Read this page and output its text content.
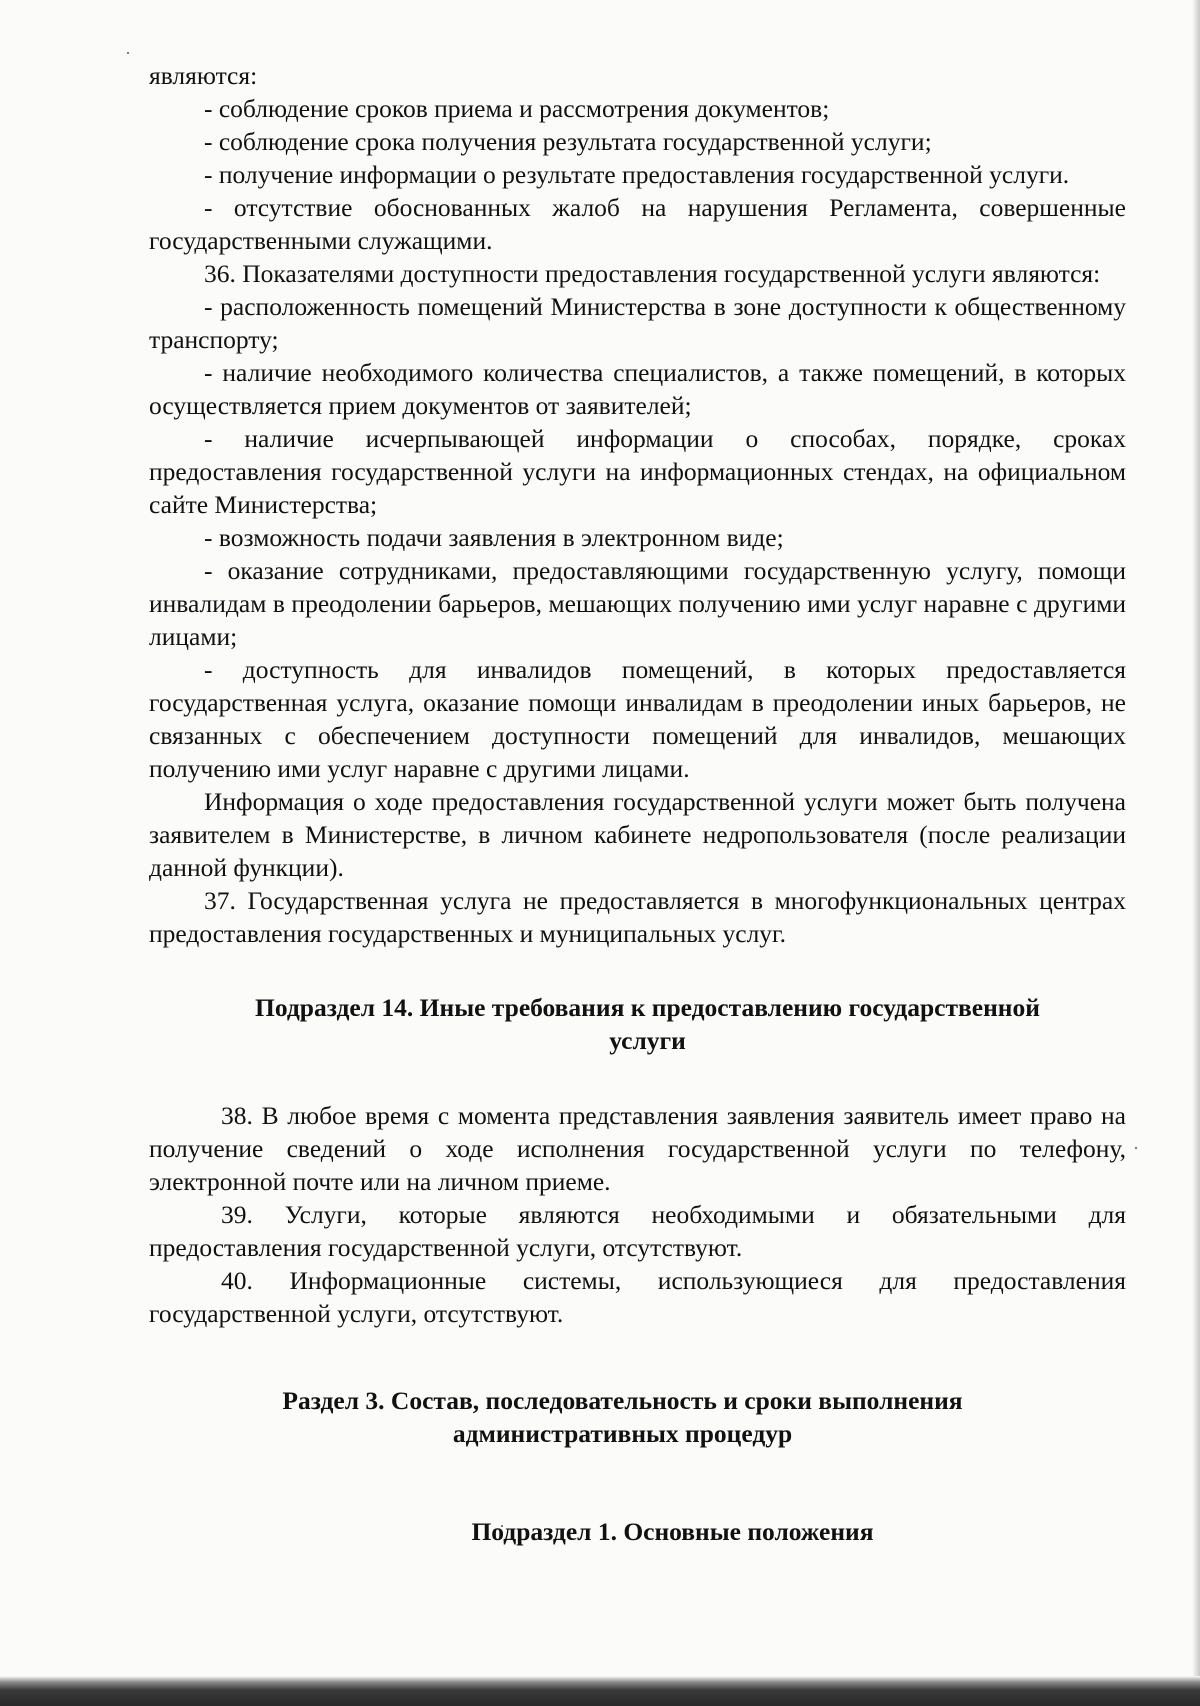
являются:

- соблюдение сроков приема и рассмотрения документов;

- соблюдение срока получения результата государственной услуги;

- получение информации о результате предоставления государственной услуги.

- отсутствие обоснованных жалоб на нарушения Регламента, совершенные государственными служащими.

36. Показателями доступности предоставления государственной услуги являются:

- расположенность помещений Министерства в зоне доступности к общественному транспорту;

- наличие необходимого количества специалистов, а также помещений, в которых осуществляется прием документов от заявителей;

- наличие исчерпывающей информации о способах, порядке, сроках предоставления государственной услуги на информационных стендах, на официальном сайте Министерства;

- возможность подачи заявления в электронном виде;

- оказание сотрудниками, предоставляющими государственную услугу, помощи инвалидам в преодолении барьеров, мешающих получению ими услуг наравне с другими лицами;

- доступность для инвалидов помещений, в которых предоставляется государственная услуга, оказание помощи инвалидам в преодолении иных барьеров, не связанных с обеспечением доступности помещений для инвалидов, мешающих получению ими услуг наравне с другими лицами.

Информация о ходе предоставления государственной услуги может быть получена заявителем в Министерстве, в личном кабинете недропользователя (после реализации данной функции).

37. Государственная услуга не предоставляется в многофункциональных центрах предоставления государственных и муниципальных услуг.

Подраздел 14. Иные требования к предоставлению государственной услуги

38. В любое время с момента представления заявления заявитель имеет право на получение сведений о ходе исполнения государственной услуги по телефону, электронной почте или на личном приеме.

39. Услуги, которые являются необходимыми и обязательными для предоставления государственной услуги, отсутствуют.

40. Информационные системы, использующиеся для предоставления государственной услуги, отсутствуют.

Раздел 3. Состав, последовательность и сроки выполнения административных процедур

Подраздел 1. Основные положения
